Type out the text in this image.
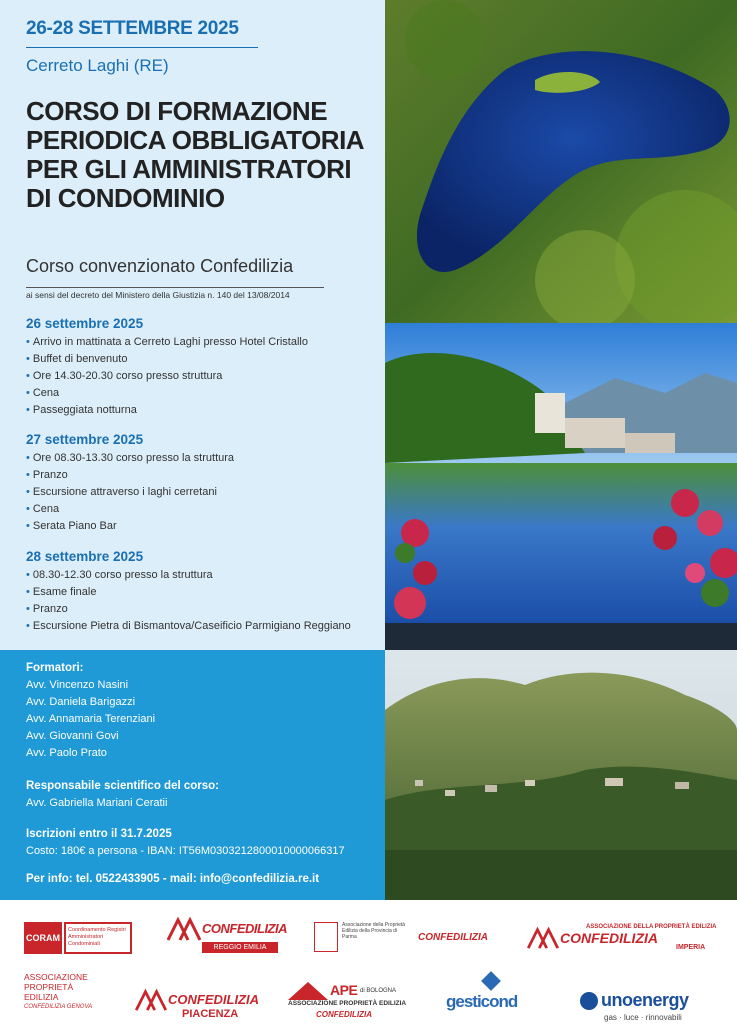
26-28 SETTEMBRE 2025
Cerreto Laghi (RE)
CORSO DI FORMAZIONE
PERIODICA OBBLIGATORIA
PER GLI AMMINISTRATORI
DI CONDOMINIO
Corso convenzionato Confedilizia
ai sensi del decreto del Ministero della Giustizia n. 140 del 13/08/2014
26 settembre 2025
• Arrivo in mattinata a Cerreto Laghi presso Hotel Cristallo
• Buffet di benvenuto
• Ore 14.30-20.30 corso presso struttura
• Cena
• Passeggiata notturna
27 settembre 2025
• Ore 08.30-13.30 corso presso la struttura
• Pranzo
• Escursione attraverso i laghi cerretani
• Cena
• Serata Piano Bar
28 settembre 2025
• 08.30-12.30 corso presso la struttura
• Esame finale
• Pranzo
• Escursione Pietra di Bismantova/Caseificio Parmigiano Reggiano
Formatori:
Avv. Vincenzo Nasini
Avv. Daniela Barigazzi
Avv. Annamaria Terenziani
Avv. Giovanni Govi
Avv. Paolo Prato
Responsabile scientifico del corso:
Avv. Gabriella Mariani Ceratii
Iscrizioni entro il 31.7.2025
Costo: 180€ a persona - IBAN: IT56M0303212800010000066317
Per info: tel. 0522433905 - mail: info@confedilizia.re.it
CORAM
Coordinamento Registri Amministratori Condominiali
CONFEDILIZIA
REGGIO EMILIA
Associazione della Proprietà Edilizia della Provincia di Parma	CONFEDILIZIA
ASSOCIAZIONE DELLA PROPRIETÀ EDILIZIA
CONFEDILIZIA
IMPERIA
ASSOCIAZIONE
PROPRIETÀ
EDILIZIA
CONFEDILIZIA GENOVA	CONFEDILIZIA
PIACENZA
APE di BOLOGNA
ASSOCIAZIONE PROPRIETÀ EDILIZIA
CONFEDILIZIA
gesticond	unoenergy
gas · luce · rinnovabili
